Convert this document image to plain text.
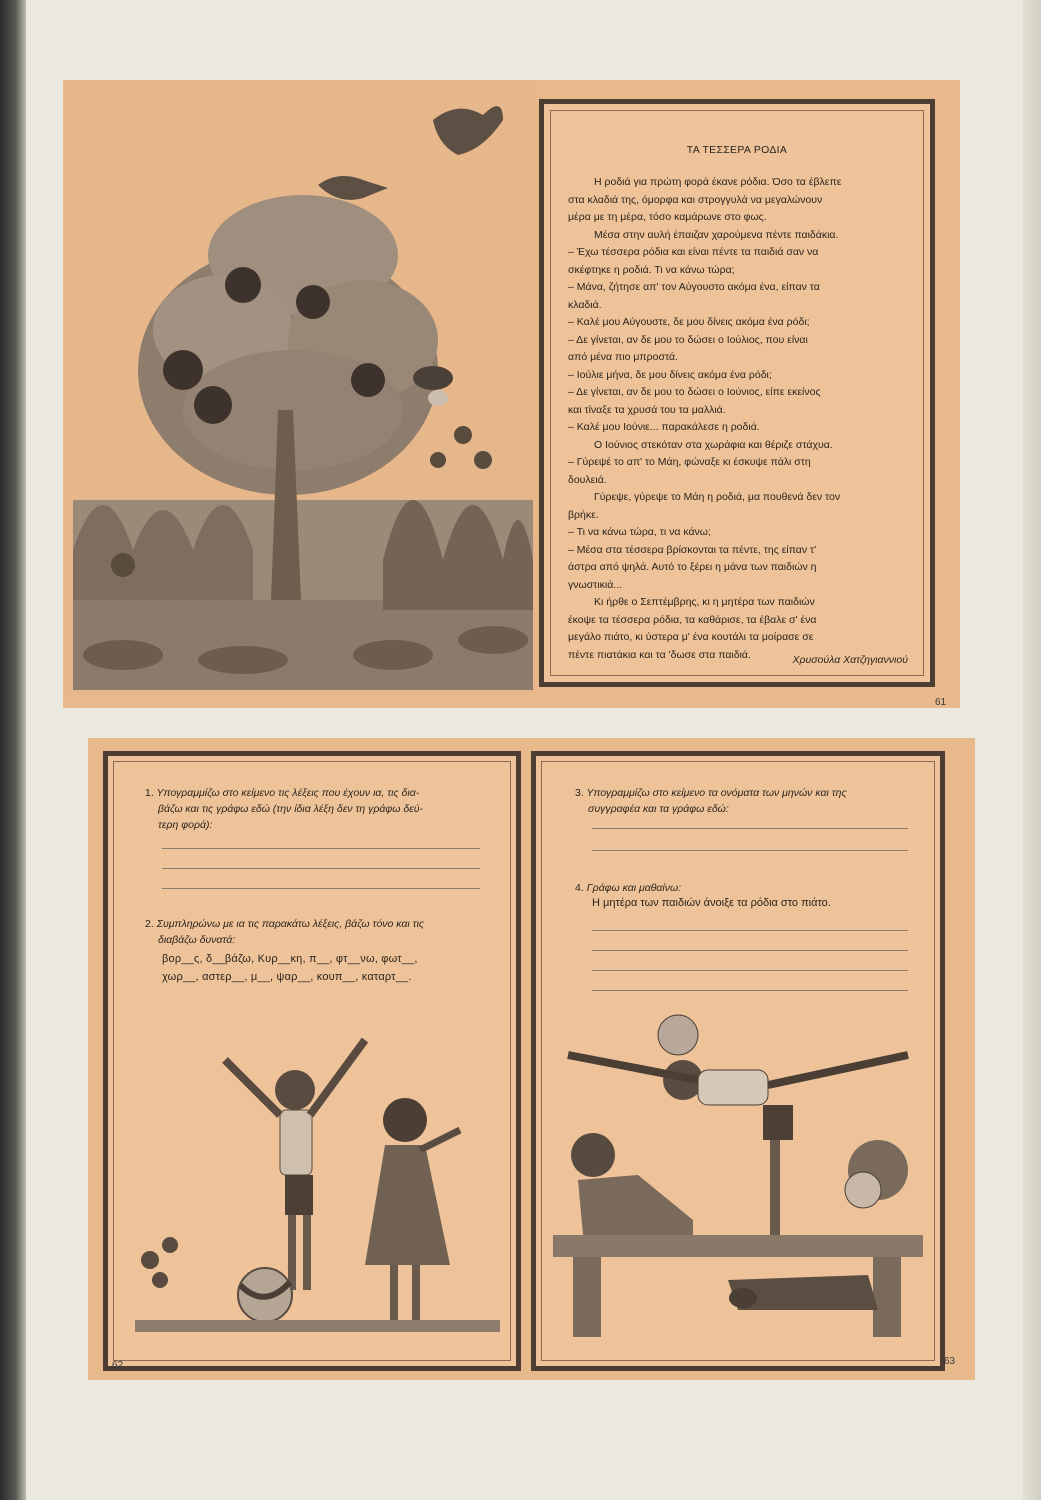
ΤΑ ΤΕΣΣΕΡΑ ΡΟΔΙΑ

Η ροδιά για πρώτη φορά έκανε ρόδια. Όσο τα έβλεπε

στα κλαδιά της, όμορφα και στρογγυλά να μεγαλώνουν

μέρα με τη μέρα, τόσο καμάρωνε στο φως.

Μέσα στην αυλή έπαιζαν χαρούμενα πέντε παιδάκια.

– Έχω τέσσερα ρόδια και είναι πέντε τα παιδιά σαν να

σκέφτηκε η ροδιά. Τι να κάνω τώρα;

– Μάνα, ζήτησε απ' τον Αύγουστο ακόμα ένα, είπαν τα

κλαδιά.

– Καλέ μου Αύγουστε, δε μου δίνεις ακόμα ένα ρόδι;

– Δε γίνεται, αν δε μου το δώσει ο Ιούλιος, που είναι

από μένα πιο μπροστά.

– Ιούλιε μήνα, δε μου δίνεις ακόμα ένα ρόδι;

– Δε γίνεται, αν δε μου το δώσει ο Ιούνιος, είπε εκείνος

και τίναξε τα χρυσά του τα μαλλιά.

– Καλέ μου Ιούνιε... παρακάλεσε η ροδιά.

Ο Ιούνιος στεκόταν στα χωράφια και θέριζε στάχυα.

– Γύρεψέ το απ' το Μάη, φώναξε κι έσκυψε πάλι στη

δουλειά.

Γύρεψε, γύρεψε το Μάη η ροδιά, μα πουθενά δεν τον

βρήκε.

– Τι να κάνω τώρα, τι να κάνω;

– Μέσα στα τέσσερα βρίσκονται τα πέντε, της είπαν τ'

άστρα από ψηλά. Αυτό το ξέρει η μάνα των παιδιών η

γνωστικιά...

Κι ήρθε ο Σεπτέμβρης, κι η μητέρα των παιδιών

έκοψε τα τέσσερα ρόδια, τα καθάρισε, τα έβαλε σ' ένα

μεγάλο πιάτο, κι ύστερα μ' ένα κουτάλι τα μοίρασε σε

πέντε πιατάκια και τα 'δωσε στα παιδιά.	Χρυσούλα Χατζηγιαννιού
61
1. Υπογραμμίζω στο κείμενο τις λέξεις που έχουν ια, τις δια-
βάζω και τις γράφω εδώ (την ίδια λέξη δεν τη γράφω δεύ-
τερη φορά):
2. Συμπληρώνω με ια τις παρακάτω λέξεις, βάζω τόνο και τις
διαβάζω δυνατά:
βορ__ς, δ__βάζω, Κυρ__κη, π__, φτ__νω, φωτ__,
χωρ__, αστερ__, μ__, ψαρ__, κουπ__, καταρτ__.
3. Υπογραμμίζω στο κείμενο τα ονόματα των μηνών και της
συγγραφέα και τα γράφω εδώ:
4. Γράφω και μαθαίνω:
Η μητέρα των παιδιών άνοιξε τα ρόδια στο πιάτο.
62	63
